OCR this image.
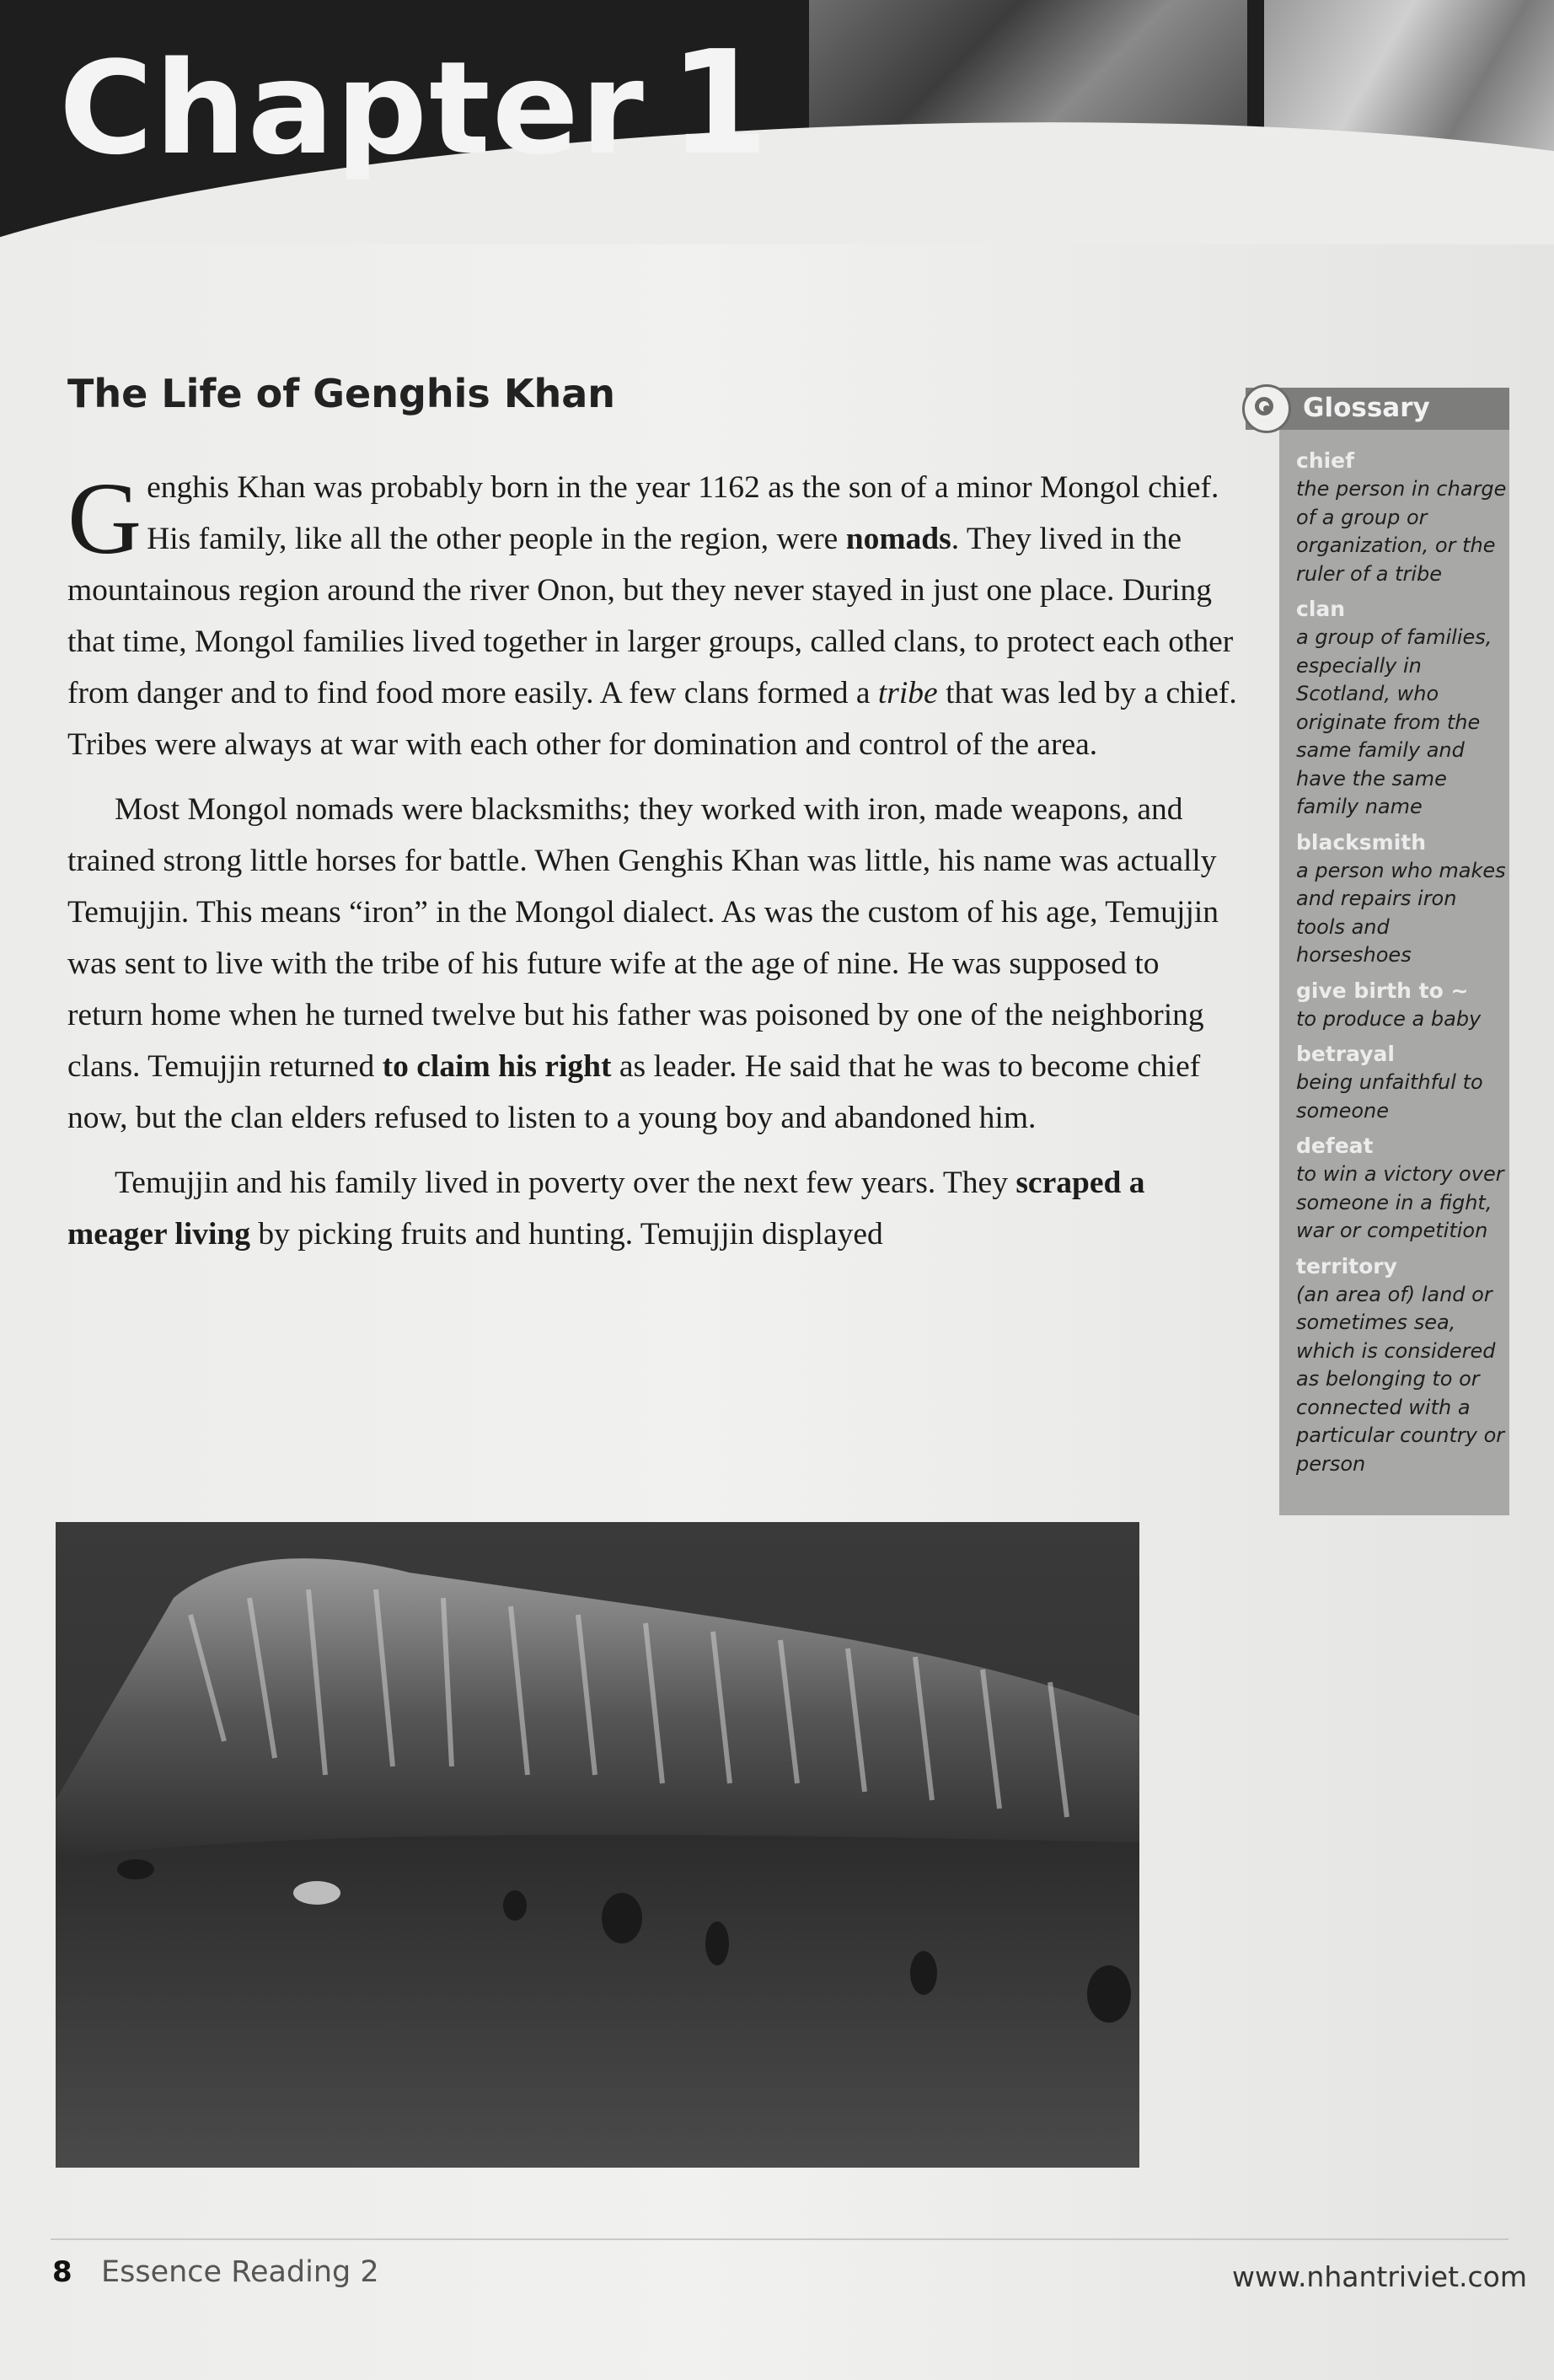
Chapter 1
The Life of Genghis Khan

Genghis Khan was probably born in the year 1162 as the son of a minor Mongol chief. His family, like all the other people in the region, were nomads. They lived in the mountainous region around the river Onon, but they never stayed in just one place. During that time, Mongol families lived together in larger groups, called clans, to protect each other from danger and to find food more easily. A few clans formed a tribe that was led by a chief. Tribes were always at war with each other for domination and control of the area.

Most Mongol nomads were blacksmiths; they worked with iron, made weapons, and trained strong little horses for battle. When Genghis Khan was little, his name was actually Temujjin. This means “iron” in the Mongol dialect. As was the custom of his age, Temujjin was sent to live with the tribe of his future wife at the age of nine. He was supposed to return home when he turned twelve but his father was poisoned by one of the neighboring clans. Temujjin returned to claim his right as leader. He said that he was to become chief now, but the clan elders refused to listen to a young boy and abandoned him.

Temujjin and his family lived in poverty over the next few years. They scraped a meager living by picking fruits and hunting. Temujjin displayed

Glossary
chief
the person in charge of a group or organization, or the ruler of a tribe
clan
a group of families, especially in Scotland, who originate from the same family and have the same family name
blacksmith
a person who makes and repairs iron tools and horseshoes
give birth to ~
to produce a baby
betrayal
being unfaithful to someone
defeat
to win a victory over someone in a fight, war or competition
territory
(an area of) land or sometimes sea, which is considered as belonging to or connected with a particular country or person
8 Essence Reading 2	www.nhantriviet.com
